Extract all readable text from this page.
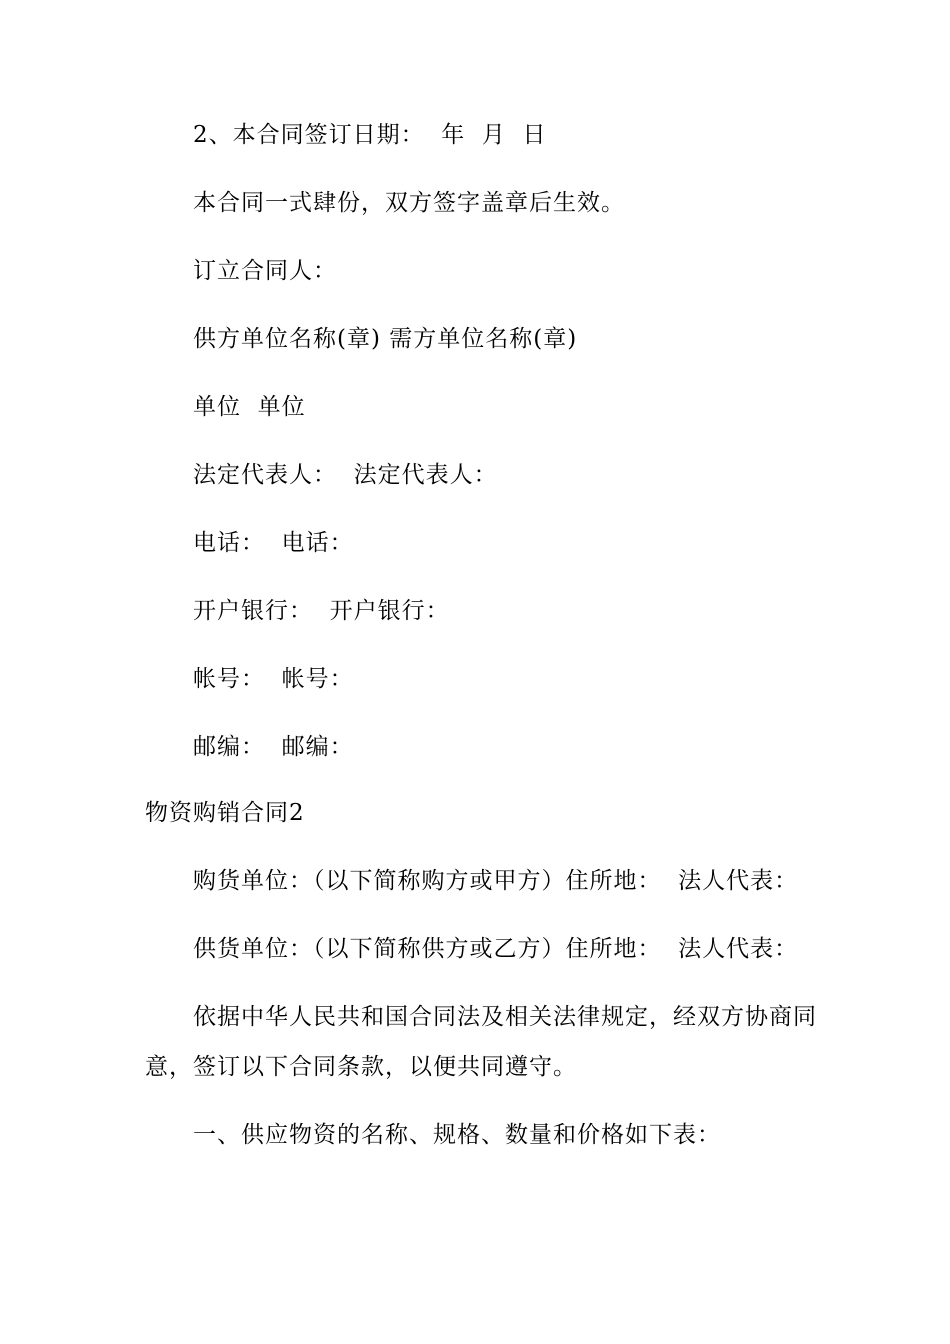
2、本合同签订日期：  年  月  日
本合同一式肆份，双方签字盖章后生效。
订立合同人：
供方单位名称(章) 需方单位名称(章)
单位  单位
法定代表人：  法定代表人：
电话：  电话：
开户银行：  开户银行：
帐号：  帐号：
邮编：  邮编：
物资购销合同2
购货单位：（以下简称购方或甲方）住所地：  法人代表：
供货单位：（以下简称供方或乙方）住所地：  法人代表：
依据中华人民共和国合同法及相关法律规定，经双方协商同
意，签订以下合同条款，以便共同遵守。
一、供应物资的名称、规格、数量和价格如下表：
